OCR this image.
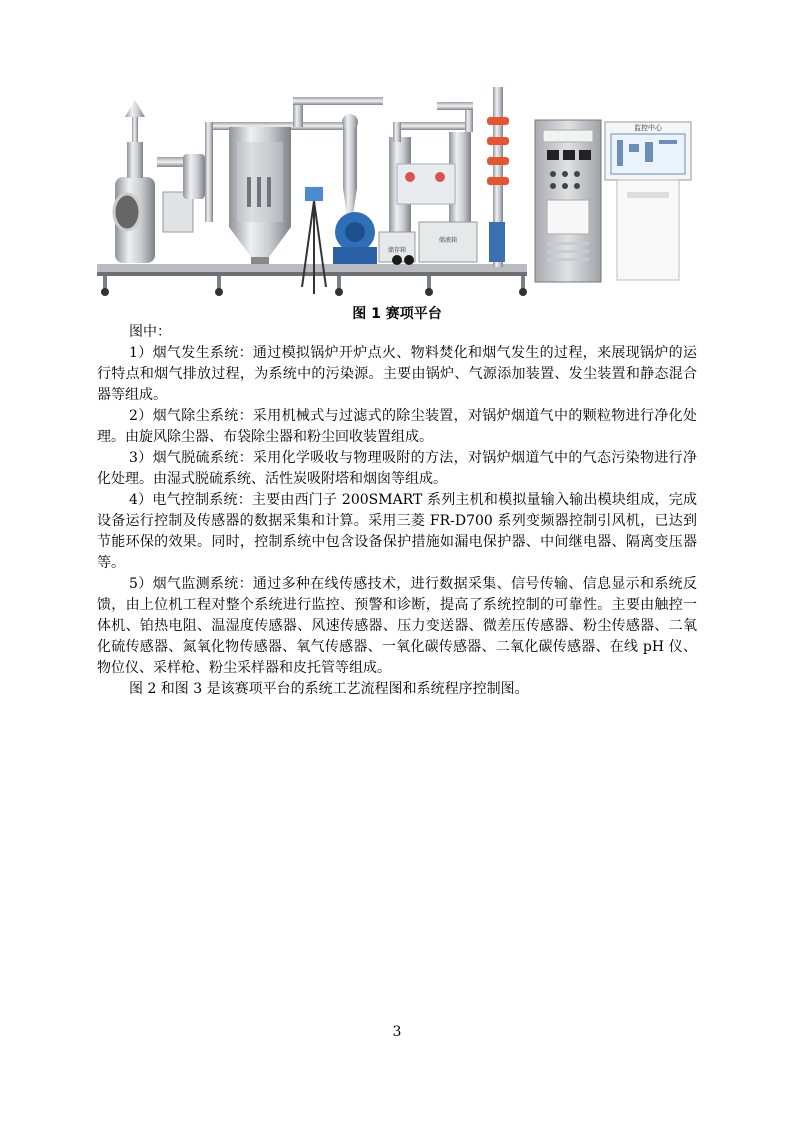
储存箱
储液箱
监控中心
图 1 赛项平台

图中：

1）烟气发生系统：通过模拟锅炉开炉点火、物料焚化和烟气发生的过程，来展现锅炉的运行特点和烟气排放过程，为系统中的污染源。主要由锅炉、气源添加装置、发尘装置和静态混合器等组成。

2）烟气除尘系统：采用机械式与过滤式的除尘装置，对锅炉烟道气中的颗粒物进行净化处理。由旋风除尘器、布袋除尘器和粉尘回收装置组成。

3）烟气脱硫系统：采用化学吸收与物理吸附的方法，对锅炉烟道气中的气态污染物进行净化处理。由湿式脱硫系统、活性炭吸附塔和烟囱等组成。

4）电气控制系统：主要由西门子 200SMART 系列主机和模拟量输入输出模块组成，完成设备运行控制及传感器的数据采集和计算。采用三菱 FR-D700 系列变频器控制引风机，已达到节能环保的效果。同时，控制系统中包含设备保护措施如漏电保护器、中间继电器、隔离变压器等。

5）烟气监测系统：通过多种在线传感技术，进行数据采集、信号传输、信息显示和系统反馈，由上位机工程对整个系统进行监控、预警和诊断，提高了系统控制的可靠性。主要由触控一体机、铂热电阻、温湿度传感器、风速传感器、压力变送器、微差压传感器、粉尘传感器、二氧化硫传感器、氮氧化物传感器、氧气传感器、一氧化碳传感器、二氧化碳传感器、在线 pH 仪、物位仪、采样枪、粉尘采样器和皮托管等组成。

图 2 和图 3 是该赛项平台的系统工艺流程图和系统程序控制图。

3
